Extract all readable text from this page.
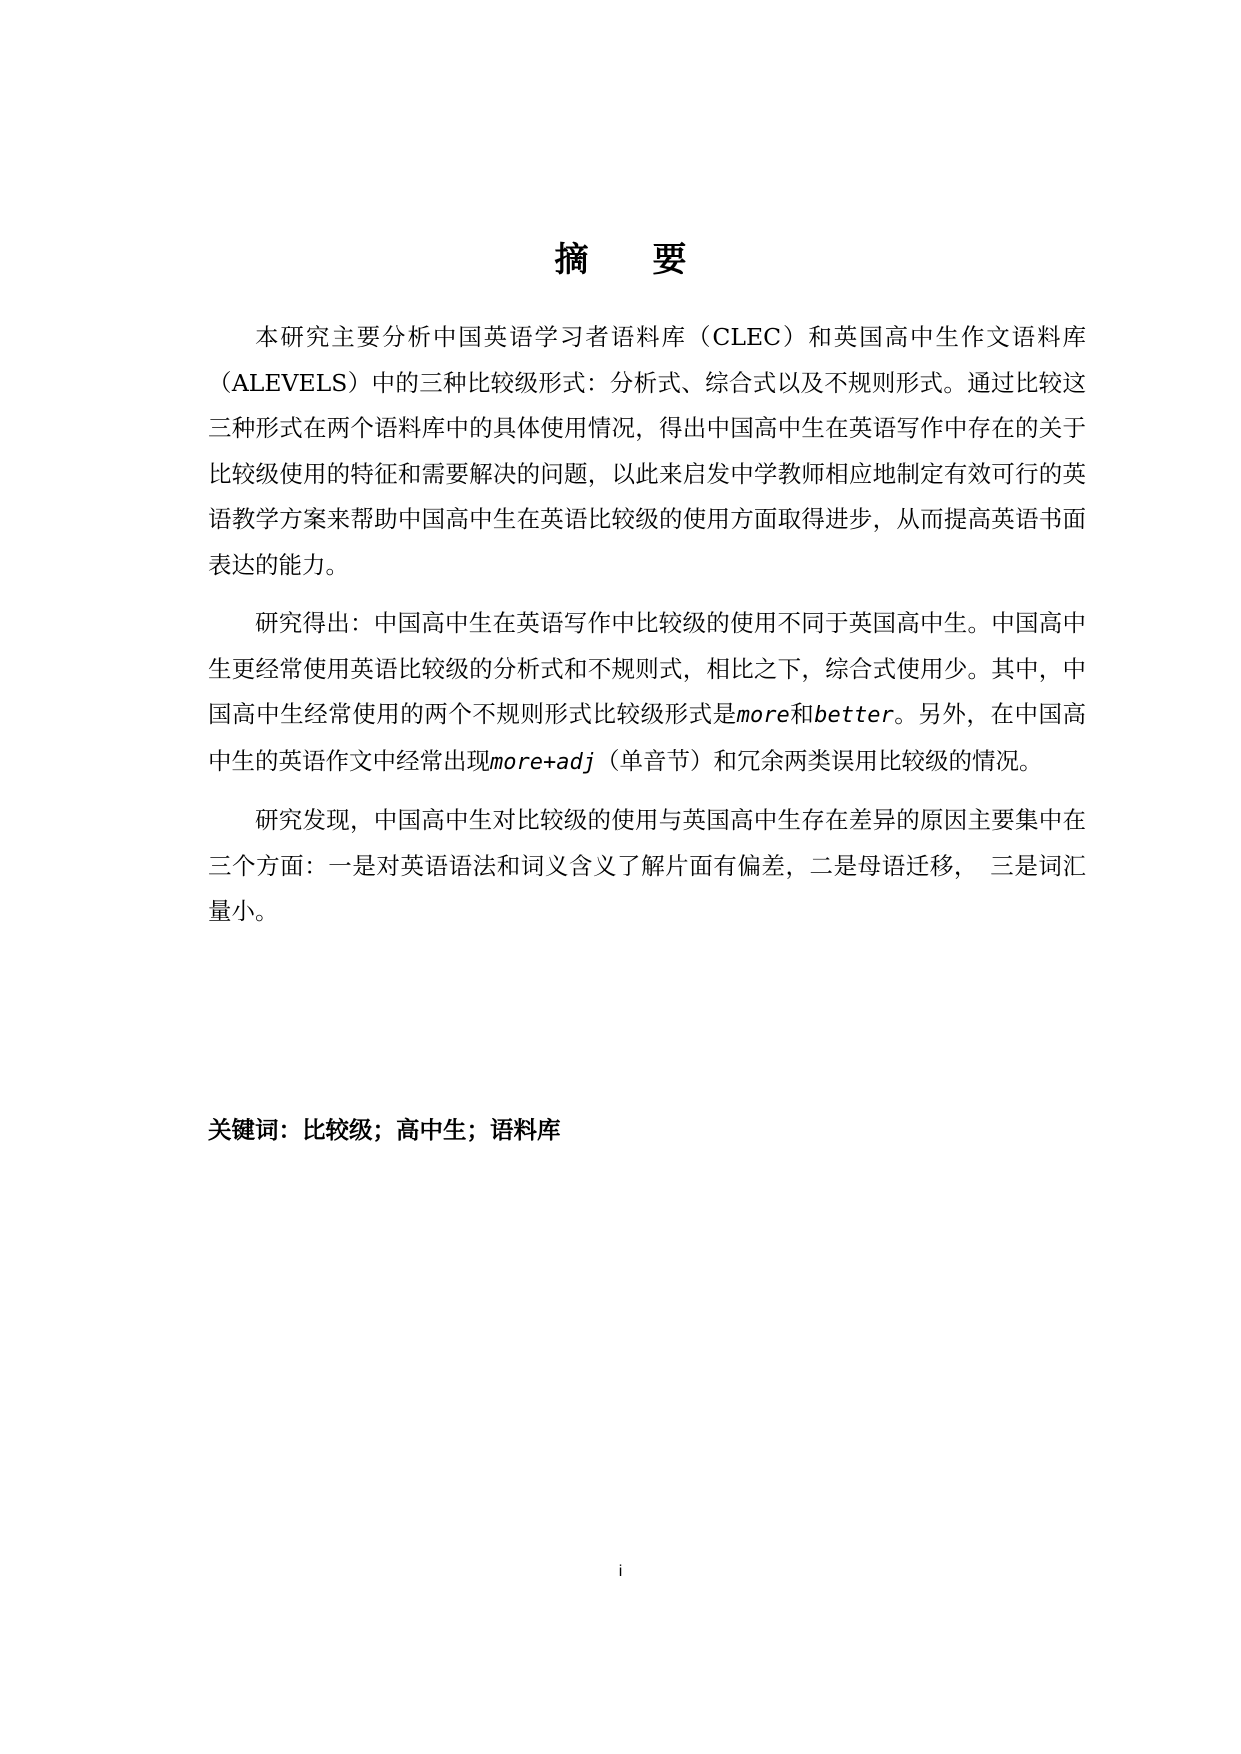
摘 要

本研究主要分析中国英语学习者语料库（CLEC）和英国高中生作文语料库（ALEVELS）中的三种比较级形式：分析式、综合式以及不规则形式。通过比较这三种形式在两个语料库中的具体使用情况，得出中国高中生在英语写作中存在的关于比较级使用的特征和需要解决的问题，以此来启发中学教师相应地制定有效可行的英语教学方案来帮助中国高中生在英语比较级的使用方面取得进步，从而提高英语书面表达的能力。

研究得出：中国高中生在英语写作中比较级的使用不同于英国高中生。中国高中生更经常使用英语比较级的分析式和不规则式，相比之下，综合式使用少。其中，中国高中生经常使用的两个不规则形式比较级形式是more和better。另外，在中国高中生的英语作文中经常出现more+adj（单音节）和冗余两类误用比较级的情况。

研究发现，中国高中生对比较级的使用与英国高中生存在差异的原因主要集中在三个方面：一是对英语语法和词义含义了解片面有偏差，二是母语迁移，　三是词汇量小。

关键词：比较级；高中生；语料库
i
